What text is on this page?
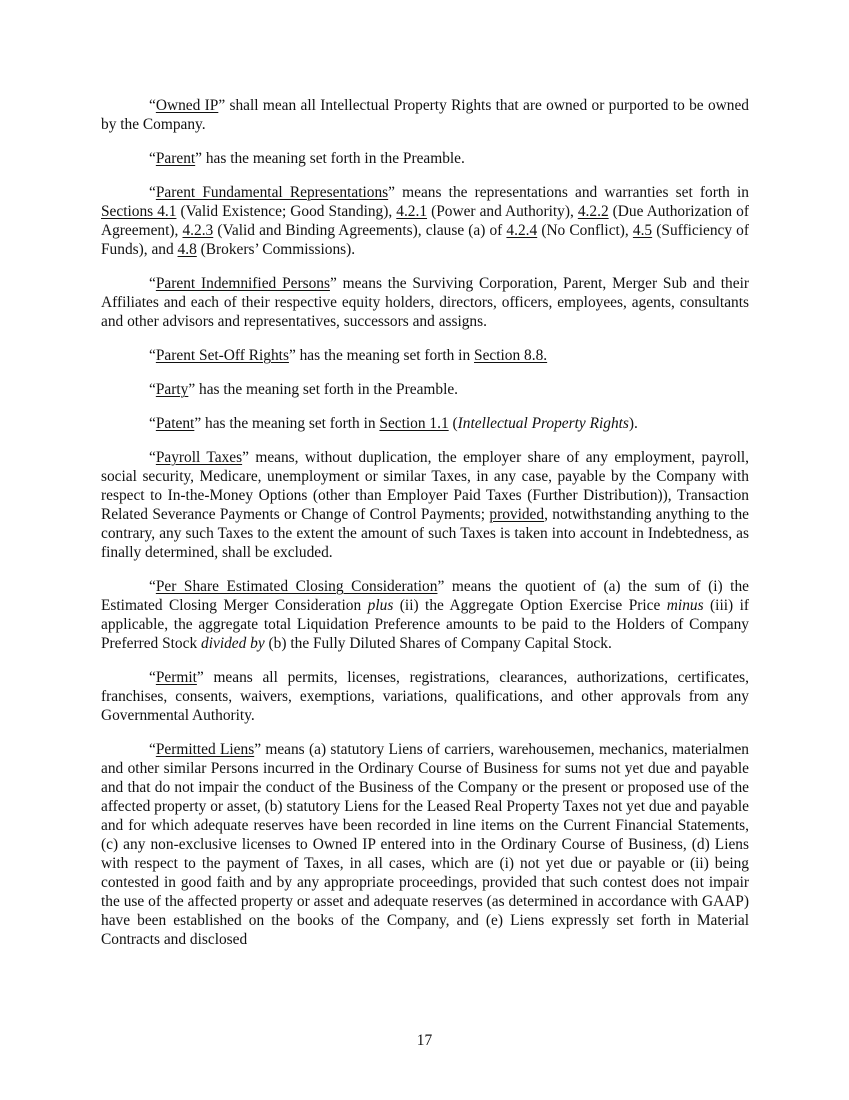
“Owned IP” shall mean all Intellectual Property Rights that are owned or purported to be owned by the Company.

“Parent” has the meaning set forth in the Preamble.

“Parent Fundamental Representations” means the representations and warranties set forth in Sections 4.1 (Valid Existence; Good Standing), 4.2.1 (Power and Authority), 4.2.2 (Due Authorization of Agreement), 4.2.3 (Valid and Binding Agreements), clause (a) of 4.2.4 (No Conflict), 4.5 (Sufficiency of Funds), and 4.8 (Brokers’ Commissions).

“Parent Indemnified Persons” means the Surviving Corporation, Parent, Merger Sub and their Affiliates and each of their respective equity holders, directors, officers, employees, agents, consultants and other advisors and representatives, successors and assigns.

“Parent Set-Off Rights” has the meaning set forth in Section 8.8.

“Party” has the meaning set forth in the Preamble.

“Patent” has the meaning set forth in Section 1.1 (Intellectual Property Rights).

“Payroll Taxes” means, without duplication, the employer share of any employment, payroll, social security, Medicare, unemployment or similar Taxes, in any case, payable by the Company with respect to In-the-Money Options (other than Employer Paid Taxes (Further Distribution)), Transaction Related Severance Payments or Change of Control Payments; provided, notwithstanding anything to the contrary, any such Taxes to the extent the amount of such Taxes is taken into account in Indebtedness, as finally determined, shall be excluded.

“Per Share Estimated Closing Consideration” means the quotient of (a) the sum of (i) the Estimated Closing Merger Consideration plus (ii) the Aggregate Option Exercise Price minus (iii) if applicable, the aggregate total Liquidation Preference amounts to be paid to the Holders of Company Preferred Stock divided by (b) the Fully Diluted Shares of Company Capital Stock.

“Permit” means all permits, licenses, registrations, clearances, authorizations, certificates, franchises, consents, waivers, exemptions, variations, qualifications, and other approvals from any Governmental Authority.

“Permitted Liens” means (a) statutory Liens of carriers, warehousemen, mechanics, materialmen and other similar Persons incurred in the Ordinary Course of Business for sums not yet due and payable and that do not impair the conduct of the Business of the Company or the present or proposed use of the affected property or asset, (b) statutory Liens for the Leased Real Property Taxes not yet due and payable and for which adequate reserves have been recorded in line items on the Current Financial Statements, (c) any non-exclusive licenses to Owned IP entered into in the Ordinary Course of Business, (d) Liens with respect to the payment of Taxes, in all cases, which are (i) not yet due or payable or (ii) being contested in good faith and by any appropriate proceedings, provided that such contest does not impair the use of the affected property or asset and adequate reserves (as determined in accordance with GAAP) have been established on the books of the Company, and (e) Liens expressly set forth in Material Contracts and disclosed

17
